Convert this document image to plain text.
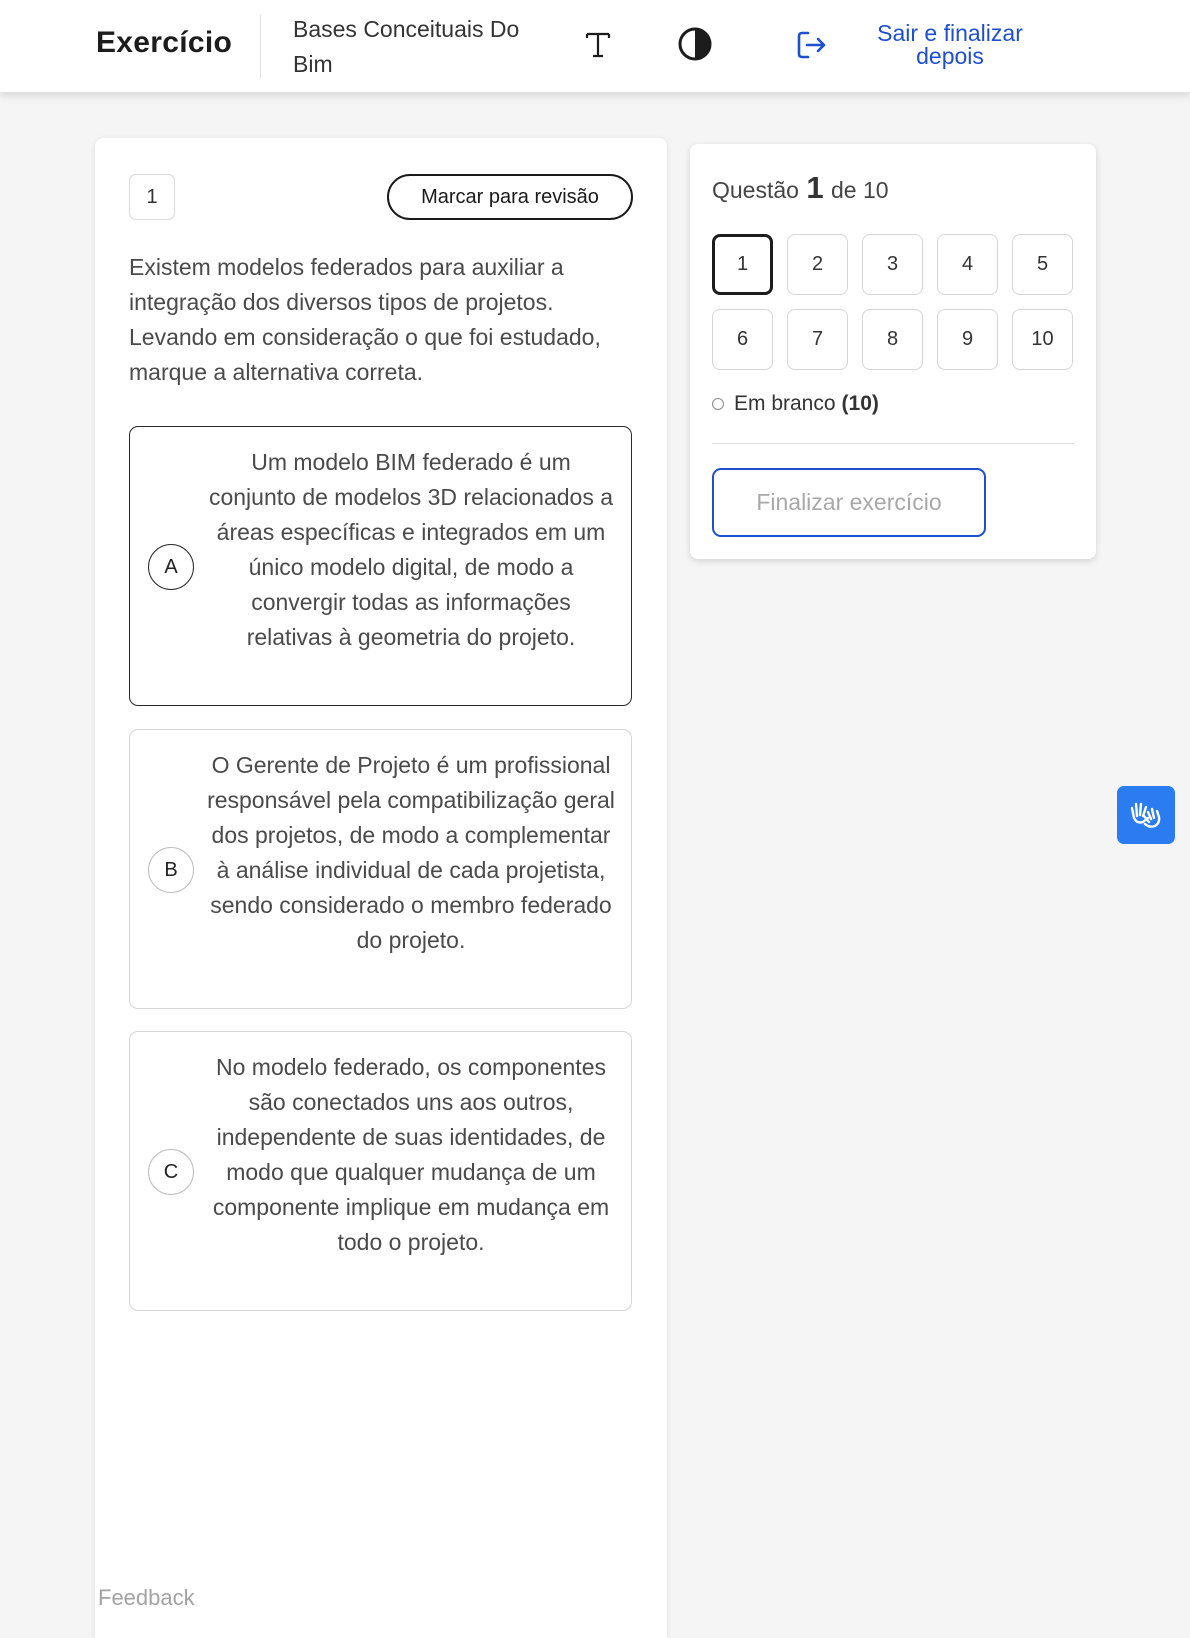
Exercício	Bases Conceituais Do Bim
Sair e finalizar depois
1	Marcar para revisão

Existem modelos federados para auxiliar a integração dos diversos tipos de projetos. Levando em consideração o que foi estudado, marque a alternativa correta.

A
Um modelo BIM federado é um conjunto de modelos 3D relacionados a áreas específicas e integrados em um único modelo digital, de modo a convergir todas as informações relativas à geometria do projeto.
B
O Gerente de Projeto é um profissional responsável pela compatibilização geral dos projetos, de modo a complementar à análise individual de cada projetista, sendo considerado o membro federado do projeto.
C
No modelo federado, os componentes são conectados uns aos outros, independente de suas identidades, de modo que qualquer mudança de um componente implique em mudança em todo o projeto.
Feedback
Questão 1 de 10
1	2	3	4	5
6	7	8	9	10
Em branco (10)
Finalizar exercício
